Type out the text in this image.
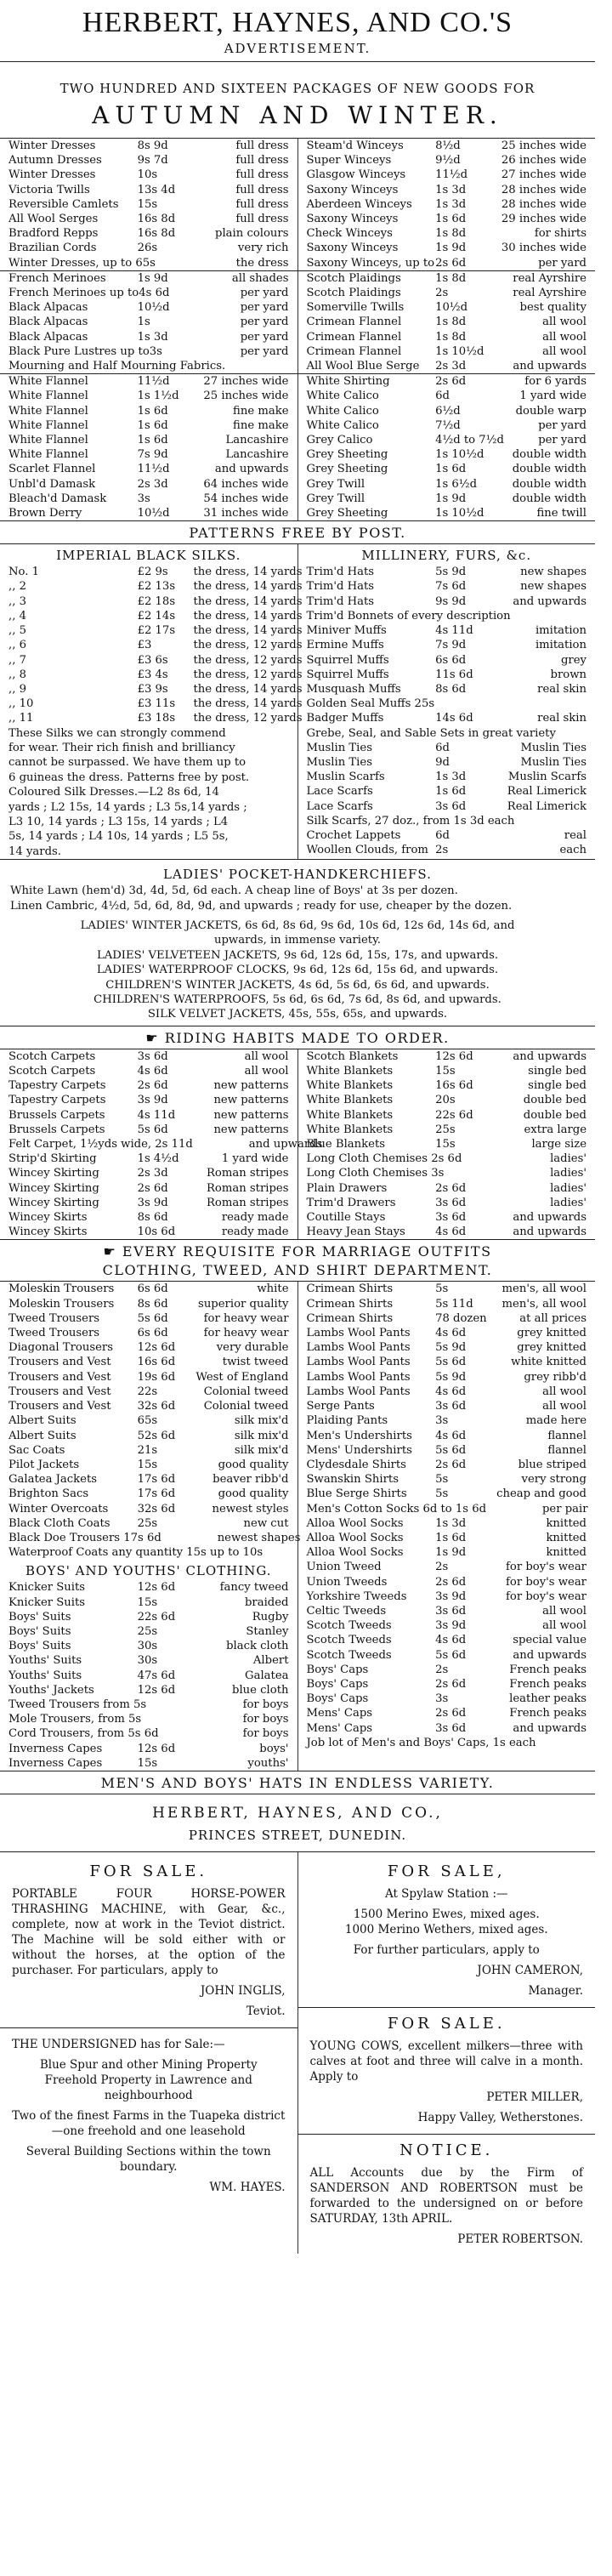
HERBERT, HAYNES, AND CO.'S
ADVERTISEMENT.
TWO HUNDRED AND SIXTEEN PACKAGES OF NEW GOODS FOR
AUTUMN AND WINTER.
Winter Dresses	8s 9d	full dress
Autumn Dresses	9s 7d	full dress
Winter Dresses	10s	full dress
Victoria Twills	13s 4d	full dress
Reversible Camlets	15s	full dress
All Wool Serges	16s 8d	full dress
Bradford Repps	16s 8d	plain colours
Brazilian Cords	26s	very rich
Winter Dresses, up to 65s	the dress
Steam'd Winceys	8½d	25 inches wide
Super Winceys	9½d	26 inches wide
Glasgow Winceys	11½d	27 inches wide
Saxony Winceys	1s 3d	28 inches wide
Aberdeen Winceys	1s 3d	28 inches wide
Saxony Winceys	1s 6d	29 inches wide
Check Winceys	1s 8d	for shirts
Saxony Winceys	1s 9d	30 inches wide
Saxony Winceys, up to 2s 6d	per yard
French Merinoes	1s 9d	all shades
French Merinoes up to 4s 6d	per yard
Black Alpacas	10½d	per yard
Black Alpacas	1s	per yard
Black Alpacas	1s 3d	per yard
Black Pure Lustres up to 3s	per yard
Mourning and Half Mourning Fabrics.
Scotch Plaidings	1s 8d	real Ayrshire
Scotch Plaidings	2s	real Ayrshire
Somerville Twills	10½d	best quality
Crimean Flannel	1s 8d	all wool
Crimean Flannel	1s 8d	all wool
Crimean Flannel	1s 10½d	all wool
All Wool Blue Serge	2s 3d	and upwards
White Flannel	11½d	27 inches wide
White Flannel	1s 1½d	25 inches wide
White Flannel	1s 6d	fine make
White Flannel	1s 6d	fine make
White Flannel	1s 6d	Lancashire
White Flannel	7s 9d	Lancashire
Scarlet Flannel	11½d	and upwards
Unbl'd Damask	2s 3d	64 inches wide
Bleach'd Damask	3s	54 inches wide
Brown Derry	10½d	31 inches wide
White Shirting	2s 6d	for 6 yards
White Calico	6d	1 yard wide
White Calico	6½d	double warp
White Calico	7½d	per yard
Grey Calico	4½d to 7½d	per yard
Grey Sheeting	1s 10½d	double width
Grey Sheeting	1s 6d	double width
Grey Twill	1s 6½d	double width
Grey Twill	1s 9d	double width
Grey Sheeting	1s 10½d	fine twill
PATTERNS FREE BY POST.
IMPERIAL BLACK SILKS.
No. 1	£2 9s	the dress, 14 yards
,, 2	£2 13s	the dress, 14 yards
,, 3	£2 18s	the dress, 14 yards
,, 4	£2 14s	the dress, 14 yards
,, 5	£2 17s	the dress, 14 yards
,, 6	£3	the dress, 12 yards
,, 7	£3 6s	the dress, 12 yards
,, 8	£3 4s	the dress, 12 yards
,, 9	£3 9s	the dress, 14 yards
,, 10	£3 11s	the dress, 14 yards
,, 11	£3 18s	the dress, 12 yards
These Silks we can strongly commend
for wear. Their rich finish and brilliancy
cannot be surpassed. We have them up to
6 guineas the dress. Patterns free by post.
Coloured Silk Dresses.—L2 8s 6d, 14
yards ; L2 15s, 14 yards ; L3 5s,14 yards ;
L3 10, 14 yards ; L3 15s, 14 yards ; L4
5s, 14 yards ; L4 10s, 14 yards ; L5 5s,
14 yards.
MILLINERY, FURS, &c.
Trim'd Hats	5s 9d	new shapes
Trim'd Hats	7s 6d	new shapes
Trim'd Hats	9s 9d	and upwards
Trim'd Bonnets of every description
Miniver Muffs	4s 11d	imitation
Ermine Muffs	7s 9d	imitation
Squirrel Muffs	6s 6d	grey
Squirrel Muffs	11s 6d	brown
Musquash Muffs	8s 6d	real skin
Golden Seal Muffs 25s
Badger Muffs	14s 6d	real skin
Grebe, Seal, and Sable Sets in great variety
Muslin Ties	6d	Muslin Ties
Muslin Ties	9d	Muslin Ties
Muslin Scarfs	1s 3d	Muslin Scarfs
Lace Scarfs	1s 6d	Real Limerick
Lace Scarfs	3s 6d	Real Limerick
Silk Scarfs, 27 doz., from 1s 3d each
Crochet Lappets	6d	real
Woollen Clouds, from 2s	each
LADIES' POCKET-HANDKERCHIEFS.
White Lawn (hem'd) 3d, 4d, 5d, 6d each. A cheap line of Boys' at 3s per dozen.
Linen Cambric, 4½d, 5d, 6d, 8d, 9d, and upwards ; ready for use, cheaper by the dozen.
LADIES' WINTER JACKETS, 6s 6d, 8s 6d, 9s 6d, 10s 6d, 12s 6d, 14s 6d, and
upwards, in immense variety.
LADIES' VELVETEEN JACKETS, 9s 6d, 12s 6d, 15s, 17s, and upwards.
LADIES' WATERPROOF CLOCKS, 9s 6d, 12s 6d, 15s 6d, and upwards.
CHILDREN'S WINTER JACKETS, 4s 6d, 5s 6d, 6s 6d, and upwards.
CHILDREN'S WATERPROOFS, 5s 6d, 6s 6d, 7s 6d, 8s 6d, and upwards.
SILK VELVET JACKETS, 45s, 55s, 65s, and upwards.
☛ RIDING HABITS MADE TO ORDER.
Scotch Carpets	3s 6d	all wool
Scotch Carpets	4s 6d	all wool
Tapestry Carpets	2s 6d	new patterns
Tapestry Carpets	3s 9d	new patterns
Brussels Carpets	4s 11d	new patterns
Brussels Carpets	5s 6d	new patterns
Felt Carpet, 1½yds wide, 2s 11d	and upwards
Strip'd Skirting	1s 4½d	1 yard wide
Wincey Skirting	2s 3d	Roman stripes
Wincey Skirting	2s 6d	Roman stripes
Wincey Skirting	3s 9d	Roman stripes
Wincey Skirts	8s 6d	ready made
Wincey Skirts	10s 6d	ready made
Scotch Blankets	12s 6d	and upwards
White Blankets	15s	single bed
White Blankets	16s 6d	single bed
White Blankets	20s	double bed
White Blankets	22s 6d	double bed
White Blankets	25s	extra large
Blue Blankets	15s	large size
Long Cloth Chemises 2s 6d	ladies'
Long Cloth Chemises 3s	ladies'
Plain Drawers	2s 6d	ladies'
Trim'd Drawers	3s 6d	ladies'
Coutille Stays	3s 6d	and upwards
Heavy Jean Stays	4s 6d	and upwards
☛ EVERY REQUISITE FOR MARRIAGE OUTFITS
CLOTHING, TWEED, AND SHIRT DEPARTMENT.
Moleskin Trousers	6s 6d	white
Moleskin Trousers	8s 6d	superior quality
Tweed Trousers	5s 6d	for heavy wear
Tweed Trousers	6s 6d	for heavy wear
Diagonal Trousers	12s 6d	very durable
Trousers and Vest	16s 6d	twist tweed
Trousers and Vest	19s 6d	West of England
Trousers and Vest	22s	Colonial tweed
Trousers and Vest	32s 6d	Colonial tweed
Albert Suits	65s	silk mix'd
Albert Suits	52s 6d	silk mix'd
Sac Coats	21s	silk mix'd
Pilot Jackets	15s	good quality
Galatea Jackets	17s 6d	beaver ribb'd
Brighton Sacs	17s 6d	good quality
Winter Overcoats	32s 6d	newest styles
Black Cloth Coats	25s	new cut
Black Doe Trousers 17s 6d	newest shapes
Waterproof Coats any quantity 15s up to 10s
BOYS' AND YOUTHS' CLOTHING.
Knicker Suits	12s 6d	fancy tweed
Knicker Suits	15s	braided
Boys' Suits	22s 6d	Rugby
Boys' Suits	25s	Stanley
Boys' Suits	30s	black cloth
Youths' Suits	30s	Albert
Youths' Suits	47s 6d	Galatea
Youths' Jackets	12s 6d	blue cloth
Tweed Trousers from 5s	for boys
Mole Trousers, from 5s	for boys
Cord Trousers, from 5s 6d	for boys
Inverness Capes	12s 6d	boys'
Inverness Capes	15s	youths'
Crimean Shirts	5s	men's, all wool
Crimean Shirts	5s 11d	men's, all wool
Crimean Shirts	78 dozen	at all prices
Lambs Wool Pants	4s 6d	grey knitted
Lambs Wool Pants	5s 9d	grey knitted
Lambs Wool Pants	5s 6d	white knitted
Lambs Wool Pants	5s 9d	grey ribb'd
Lambs Wool Pants	4s 6d	all wool
Serge Pants	3s 6d	all wool
Plaiding Pants	3s	made here
Men's Undershirts	4s 6d	flannel
Mens' Undershirts	5s 6d	flannel
Clydesdale Shirts	2s 6d	blue striped
Swanskin Shirts	5s	very strong
Blue Serge Shirts	5s	cheap and good
Men's Cotton Socks 6d to 1s 6d	per pair
Alloa Wool Socks	1s 3d	knitted
Alloa Wool Socks	1s 6d	knitted
Alloa Wool Socks	1s 9d	knitted
Union Tweed	2s	for boy's wear
Union Tweeds	2s 6d	for boy's wear
Yorkshire Tweeds	3s 9d	for boy's wear
Celtic Tweeds	3s 6d	all wool
Scotch Tweeds	3s 9d	all wool
Scotch Tweeds	4s 6d	special value
Scotch Tweeds	5s 6d	and upwards
Boys' Caps	2s	French peaks
Boys' Caps	2s 6d	French peaks
Boys' Caps	3s	leather peaks
Mens' Caps	2s 6d	French peaks
Mens' Caps	3s 6d	and upwards
Job lot of Men's and Boys' Caps, 1s each
MEN'S AND BOYS' HATS IN ENDLESS VARIETY.
HERBERT, HAYNES, AND CO.,
PRINCES STREET, DUNEDIN.
FOR SALE.

PORTABLE FOUR HORSE-POWER THRASHING MACHINE, with Gear, &c., complete, now at work in the Teviot district. The Machine will be sold either with or without the horses, at the option of the purchaser. For particulars, apply to

JOHN INGLIS,
Teviot.

THE UNDERSIGNED has for Sale:—

Blue Spur and other Mining Property
Freehold Property in Lawrence and neighbourhood
Two of the finest Farms in the Tuapeka district—one freehold and one leasehold
Several Building Sections within the town boundary.
WM. HAYES.
FOR SALE,
At Spylaw Station :—
1500 Merino Ewes, mixed ages.
1000 Merino Wethers, mixed ages.
For further particulars, apply to
JOHN CAMERON,
Manager.
FOR SALE.

YOUNG COWS, excellent milkers—three with calves at foot and three will calve in a month. Apply to

PETER MILLER,
Happy Valley, Wetherstones.
NOTICE.

ALL Accounts due by the Firm of SANDERSON AND ROBERTSON must be forwarded to the undersigned on or before SATURDAY, 13th APRIL.

PETER ROBERTSON.
